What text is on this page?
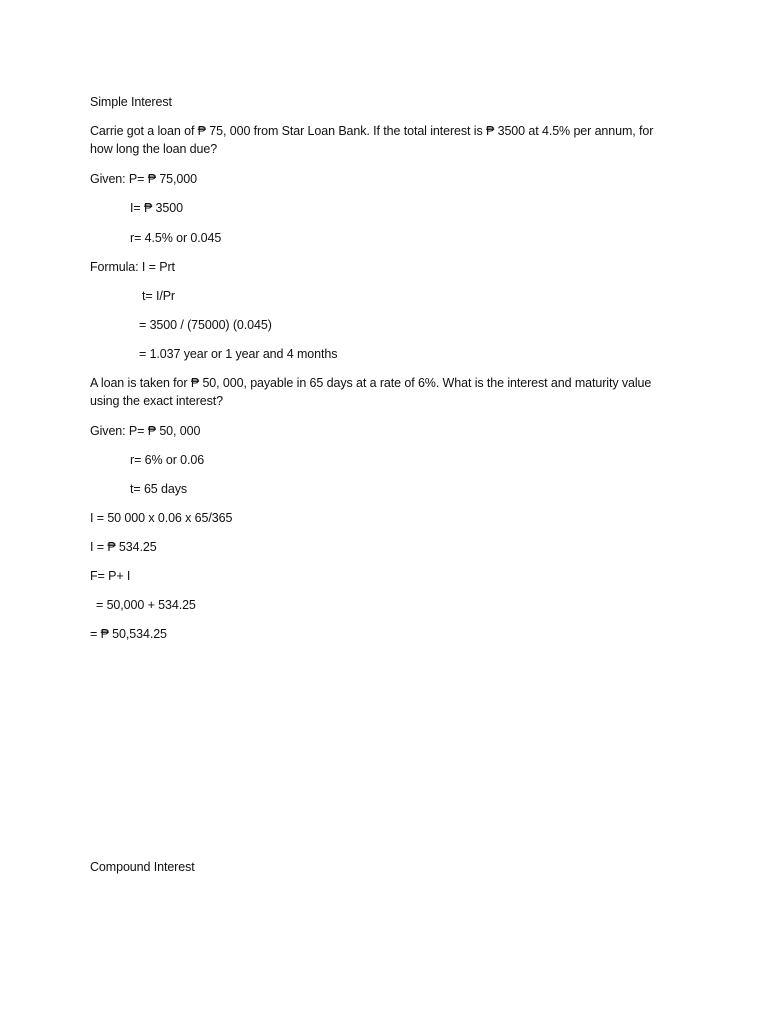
Simple Interest
Carrie got a loan of ₱ 75, 000 from Star Loan Bank. If the total interest is ₱ 3500 at 4.5% per annum, for
how long the loan due?
Given: P= ₱ 75,000
I= ₱ 3500
r= 4.5% or 0.045
Formula: I = Prt
t= I/Pr
= 3500 / (75000) (0.045)
= 1.037 year or 1 year and 4 months
A loan is taken for ₱ 50, 000, payable in 65 days at a rate of 6%. What is the interest and maturity value
using the exact interest?
Given: P= ₱ 50, 000
r= 6% or 0.06
t= 65 days
I = 50 000 x 0.06 x 65/365
I = ₱ 534.25
F= P+ I
= 50,000 + 534.25
= ₱ 50,534.25
Compound Interest
